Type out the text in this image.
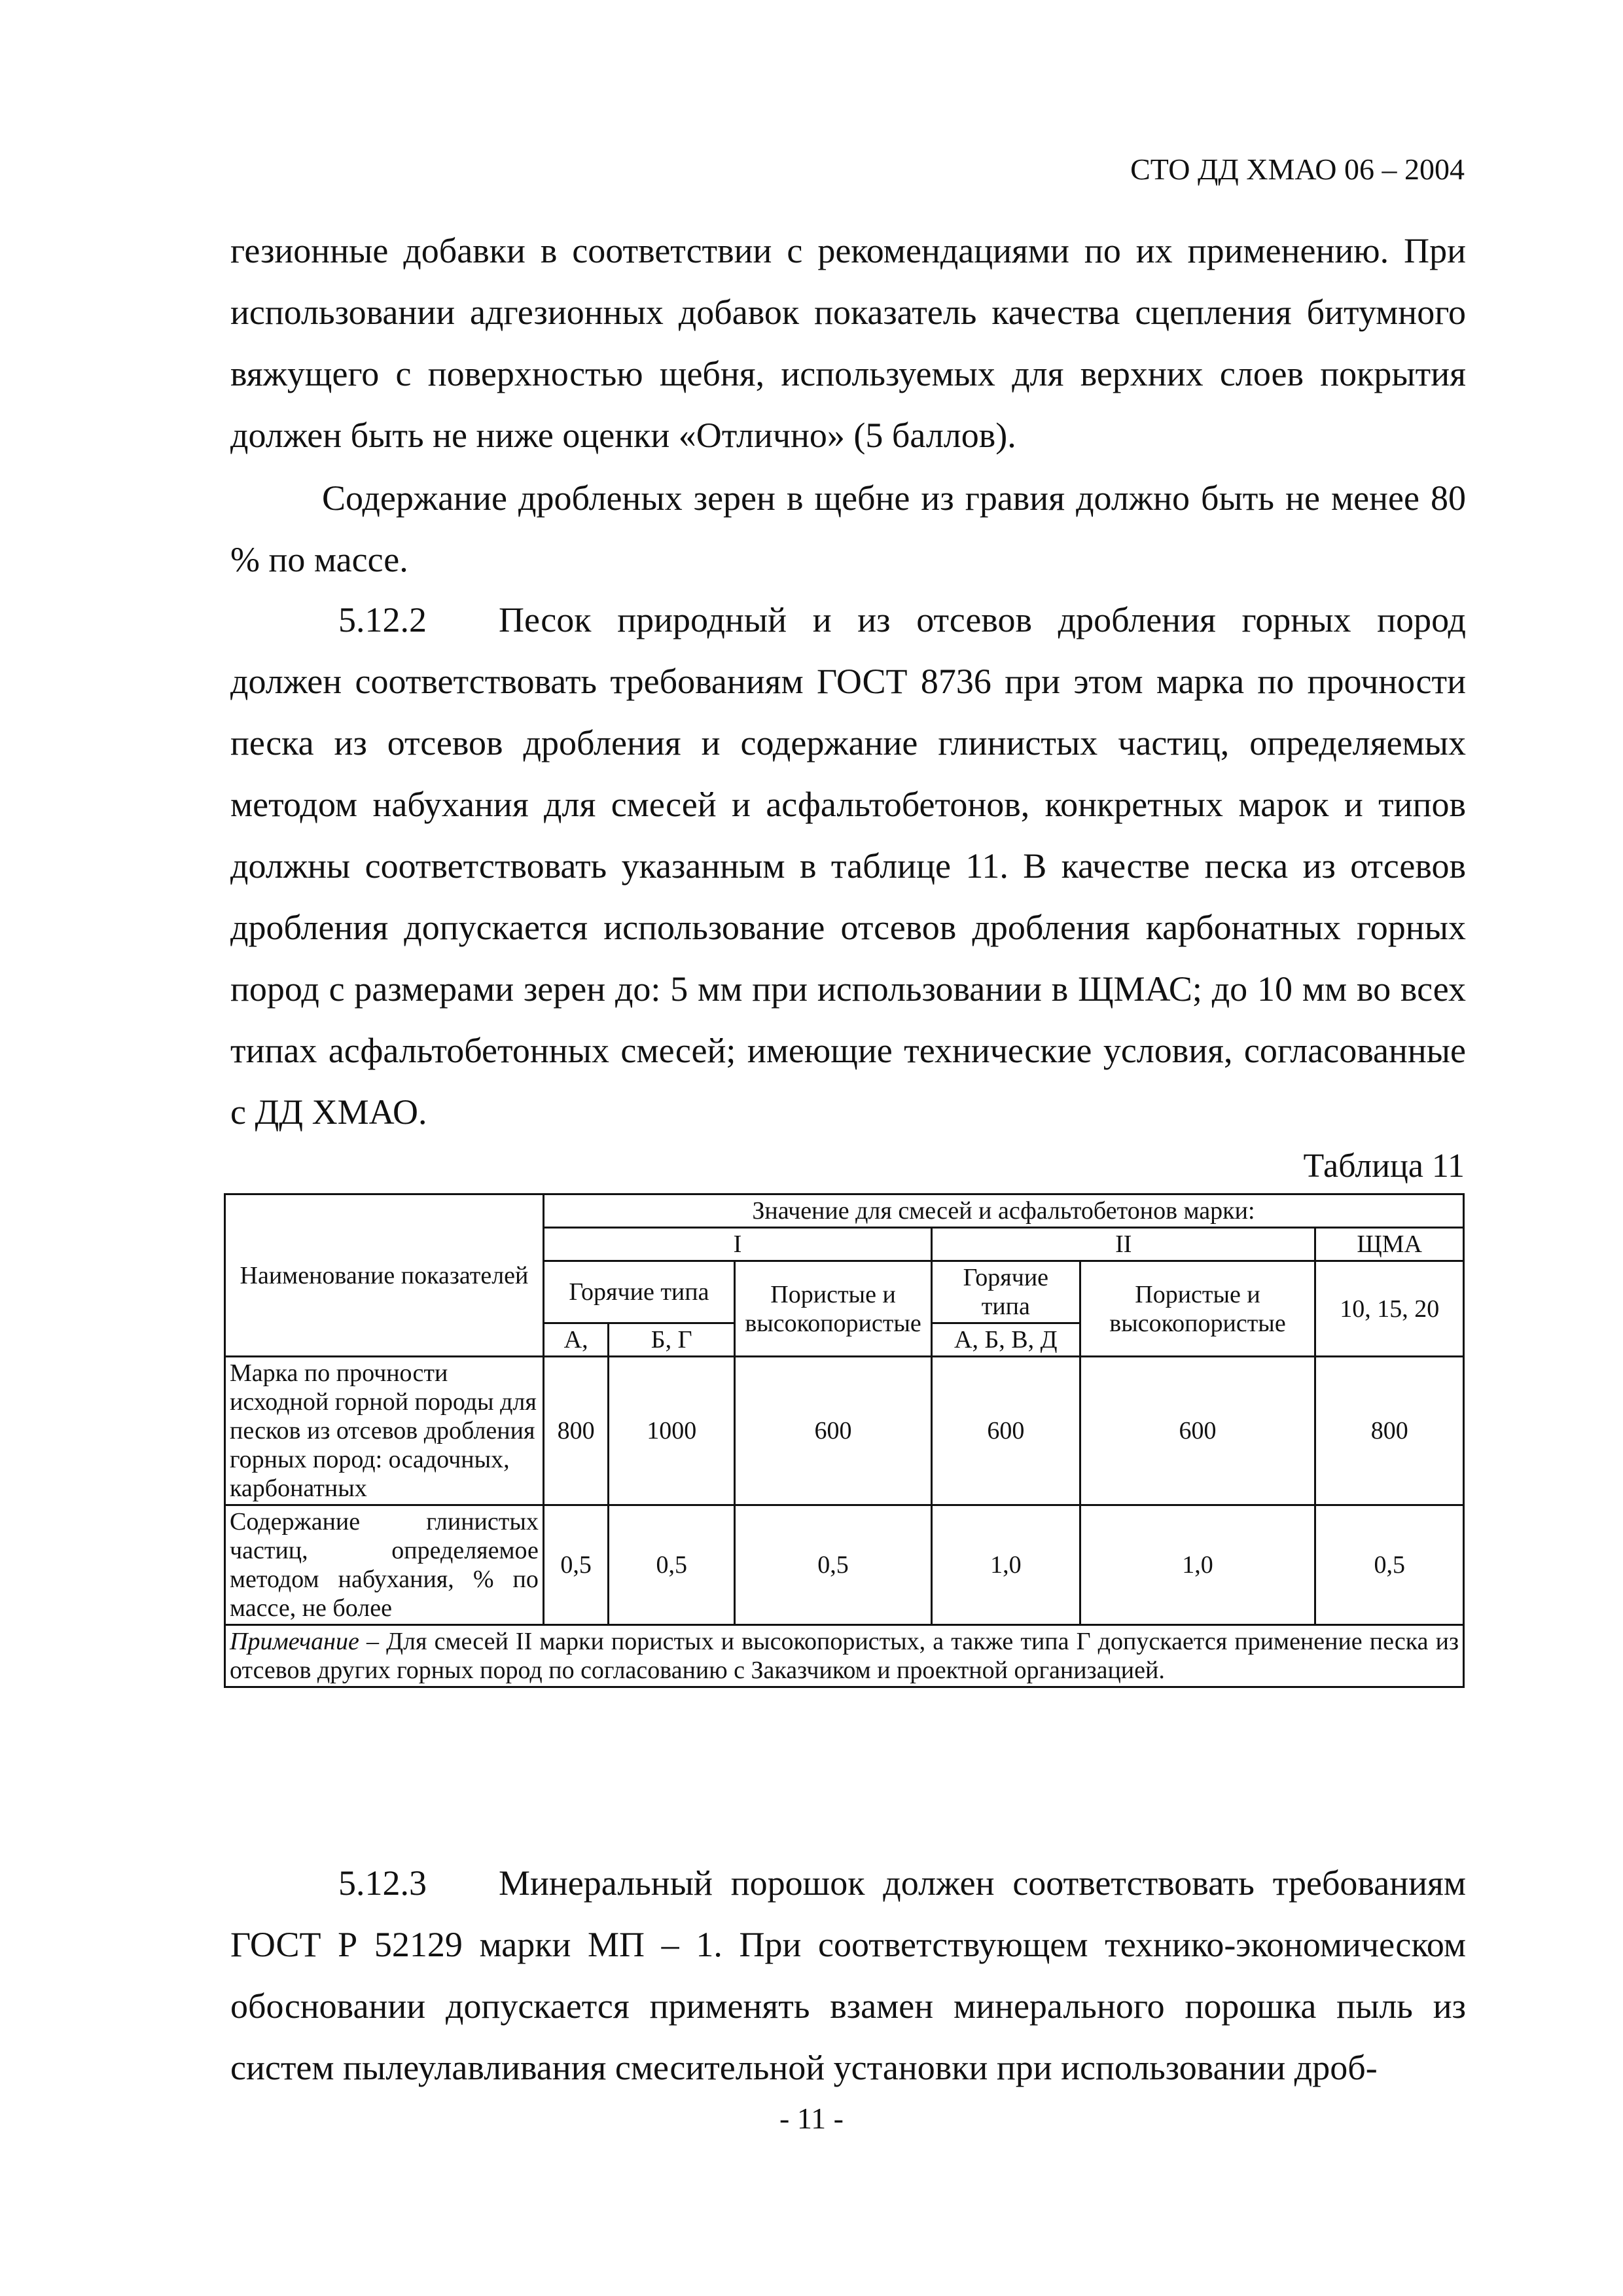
СТО ДД ХМАО 06 – 2004
гезионные добавки в соответствии с рекомендациями по их применению. При использовании адгезионных добавок показатель качества сцепления битумного вяжущего с поверхностью щебня, используемых для верхних слоев покрытия должен быть не ниже оценки «Отлично» (5 баллов).
Содержание дробленых зерен в щебне из гравия должно быть не менее 80 % по массе.
5.12.2 Песок природный и из отсевов дробления горных пород должен соответствовать требованиям ГОСТ 8736 при этом марка по прочности песка из отсевов дробления и содержание глинистых частиц, определяемых методом набухания для смесей и асфальтобетонов, конкретных марок и типов должны соответствовать указанным в таблице 11. В качестве песка из отсевов дробления допускается использование отсевов дробления карбонатных горных пород с размерами зерен до: 5 мм при использовании в ЩМАС; до 10 мм во всех типах асфальтобетонных смесей; имеющие технические условия, согласованные с ДД ХМАО.
Таблица 11
Наименование показателей	Значение для смесей и асфальтобетонов марки:					
	I			II		ЩМА
	Горячие типа		Пористые и высокопористые	Горячие типа	Пористые и высокопористые	10, 15, 20
	А,	Б, Г		А, Б, В, Д		
Марка по прочности исходной горной породы для песков из отсевов дробления горных пород: осадочных, карбонатных	800	1000	600	600	600	800
Содержание глинистых частиц, определяемое методом набухания, % по массе, не более	0,5	0,5	0,5	1,0	1,0	0,5
Примечание – Для смесей II марки пористых и высокопористых, а также типа Г допускается применение песка из отсевов других горных пород по согласованию с Заказчиком и проектной организацией.						
5.12.3 Минеральный порошок должен соответствовать требованиям ГОСТ Р 52129 марки МП – 1. При соответствующем технико-экономическом обосновании допускается применять взамен минерального порошка пыль из систем пылеулавливания смесительной установки при использовании дроб-
- 11 -
